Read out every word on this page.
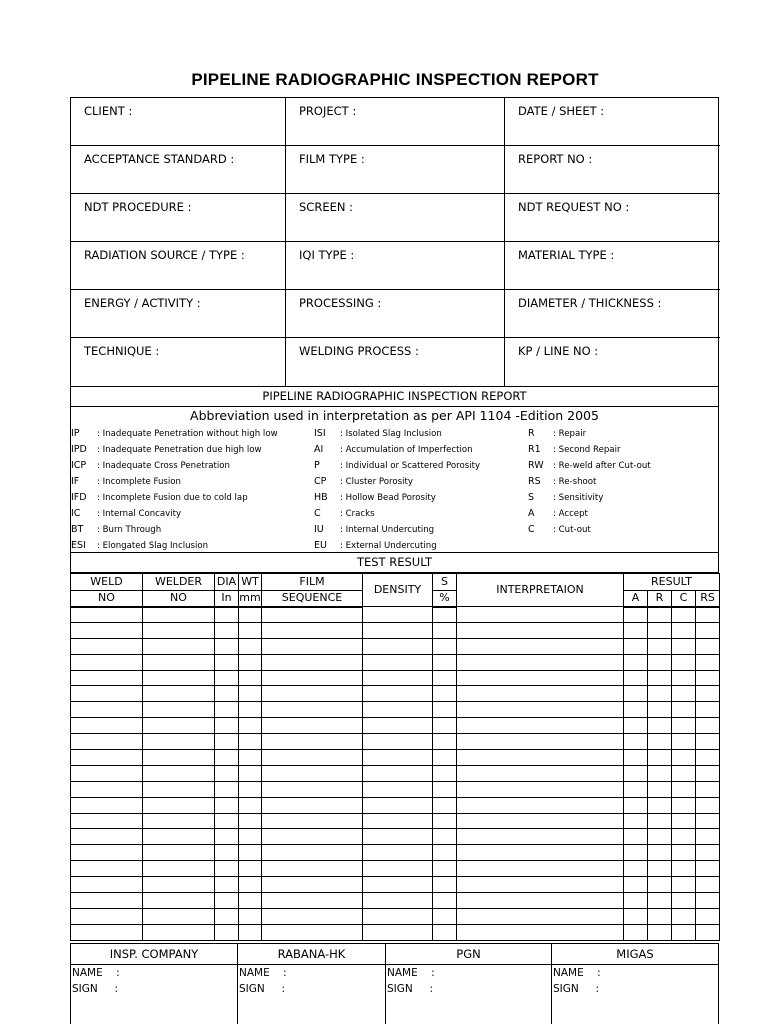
PIPELINE RADIOGRAPHIC INSPECTION REPORT
CLIENT :	PROJECT :	DATE / SHEET :
ACCEPTANCE STANDARD :	FILM TYPE :	REPORT NO :
NDT PROCEDURE :	SCREEN :	NDT REQUEST NO :
RADIATION SOURCE / TYPE :	IQI TYPE :	MATERIAL TYPE :
ENERGY / ACTIVITY :	PROCESSING :	DIAMETER / THICKNESS :
TECHNIQUE :	WELDING PROCESS :	KP / LINE NO :
PIPELINE RADIOGRAPHIC INSPECTION REPORT
Abbreviation used in interpretation as per API 1104 -Edition 2005
IP : Inadequate Penetration without high low
IPD : Inadequate Penetration due high low
ICP : Inadequate Cross Penetration
IF : Incomplete Fusion
IFD : Incomplete Fusion due to cold lap
IC : Internal Concavity
BT : Burn Through
ESI : Elongated Slag Inclusion
ISI : Isolated Slag Inclusion
AI : Accumulation of Imperfection
P : Individual or Scattered Porosity
CP : Cluster Porosity
HB : Hollow Bead Porosity
C : Cracks
IU : Internal Undercuting
EU : External Undercuting
R : Repair
R1 : Second Repair
RW : Re-weld after Cut-out
RS : Re-shoot
S : Sensitivity
A : Accept
C : Cut-out
TEST RESULT
WELD	WELDER	DIA	WT	FILM	DENSITY	S	INTERPRETAION	RESULT			
NO	NO	In	mm	SEQUENCE		%		A	R	C	RS

INSP. COMPANY
NAME :
SIGN :
RABANA-HK
NAME :
SIGN :
PGN
NAME :
SIGN :
MIGAS
NAME :
SIGN :
